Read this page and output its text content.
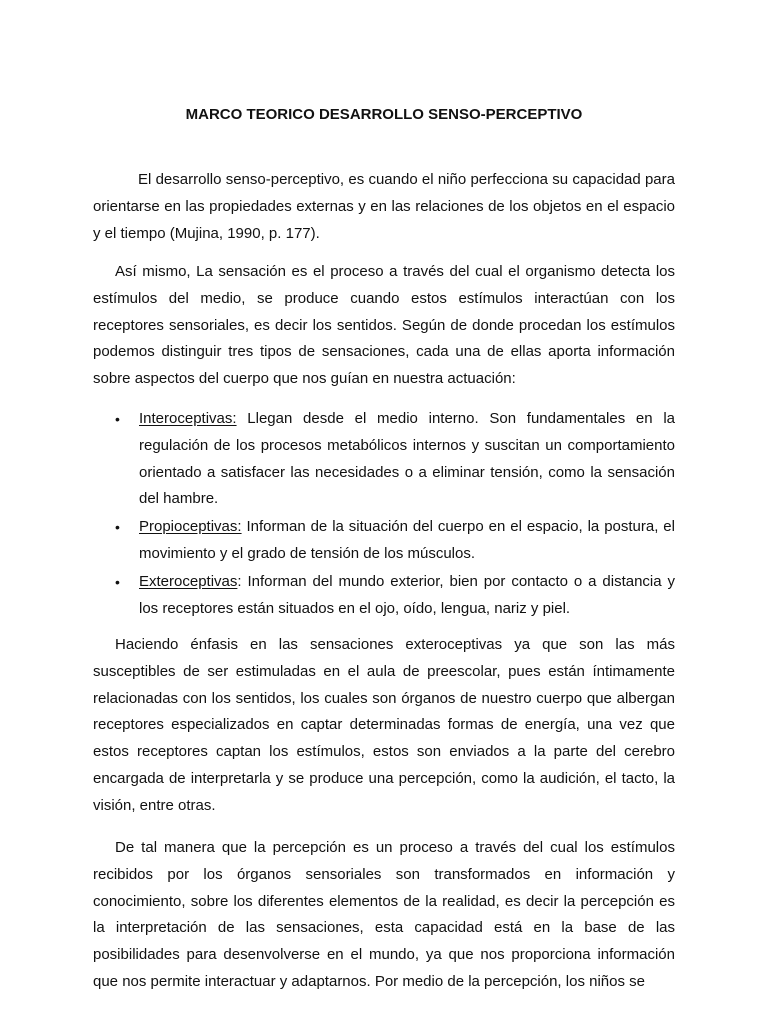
MARCO TEORICO DESARROLLO SENSO-PERCEPTIVO

El desarrollo senso-perceptivo, es cuando el niño perfecciona su capacidad para orientarse en las propiedades externas y en las relaciones de los objetos en el espacio y el tiempo (Mujina, 1990, p. 177).

Así mismo, La sensación es el proceso a través del cual el organismo detecta los estímulos del medio, se produce cuando estos estímulos interactúan con los receptores sensoriales, es decir los sentidos. Según de donde procedan los estímulos podemos distinguir tres tipos de sensaciones, cada una de ellas aporta información sobre aspectos del cuerpo que nos guían en nuestra actuación:

• Interoceptivas: Llegan desde el medio interno. Son fundamentales en la regulación de los procesos metabólicos internos y suscitan un comportamiento orientado a satisfacer las necesidades o a eliminar tensión, como la sensación del hambre.
• Propioceptivas: Informan de la situación del cuerpo en el espacio, la postura, el movimiento y el grado de tensión de los músculos.
• Exteroceptivas: Informan del mundo exterior, bien por contacto o a distancia y los receptores están situados en el ojo, oído, lengua, nariz y piel.

Haciendo énfasis en las sensaciones exteroceptivas ya que son las más susceptibles de ser estimuladas en el aula de preescolar, pues están íntimamente relacionadas con los sentidos, los cuales son órganos de nuestro cuerpo que albergan receptores especializados en captar determinadas formas de energía, una vez que estos receptores captan los estímulos, estos son enviados a la parte del cerebro encargada de interpretarla y se produce una percepción, como la audición, el tacto, la visión, entre otras.

De tal manera que la percepción es un proceso a través del cual los estímulos recibidos por los órganos sensoriales son transformados en información y conocimiento, sobre los diferentes elementos de la realidad, es decir la percepción es la interpretación de las sensaciones, esta capacidad está en la base de las posibilidades para desenvolverse en el mundo, ya que nos proporciona información que nos permite interactuar y adaptarnos. Por medio de la percepción, los niños se
